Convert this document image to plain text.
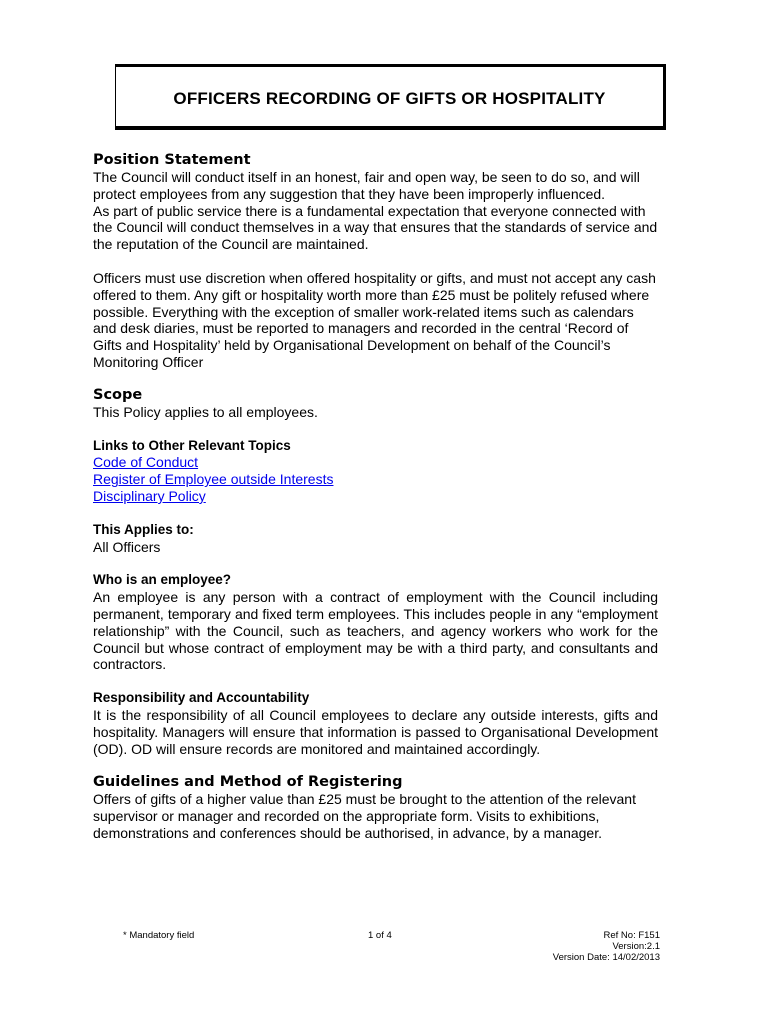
OFFICERS RECORDING OF GIFTS OR HOSPITALITY

Position Statement

The Council will conduct itself in an honest, fair and open way, be seen to do so, and will protect employees from any suggestion that they have been improperly influenced.

As part of public service there is a fundamental expectation that everyone connected with the Council will conduct themselves in a way that ensures that the standards of service and the reputation of the Council are maintained.

Officers must use discretion when offered hospitality or gifts, and must not accept any cash offered to them. Any gift or hospitality worth more than £25 must be politely refused where possible. Everything with the exception of smaller work-related items such as calendars and desk diaries, must be reported to managers and recorded in the central ‘Record of Gifts and Hospitality’ held by Organisational Development on behalf of the Council’s Monitoring Officer

Scope

This Policy applies to all employees.

Links to Other Relevant Topics

Code of Conduct
Register of Employee outside Interests
Disciplinary Policy

This Applies to:

All Officers

Who is an employee?

An employee is any person with a contract of employment with the Council including permanent, temporary and fixed term employees. This includes people in any “employment relationship” with the Council, such as teachers, and agency workers who work for the Council but whose contract of employment may be with a third party, and consultants and contractors.

Responsibility and Accountability

It is the responsibility of all Council employees to declare any outside interests, gifts and hospitality. Managers will ensure that information is passed to Organisational Development (OD). OD will ensure records are monitored and maintained accordingly.

Guidelines and Method of Registering

Offers of gifts of a higher value than £25 must be brought to the attention of the relevant supervisor or manager and recorded on the appropriate form. Visits to exhibitions, demonstrations and conferences should be authorised, in advance, by a manager.

* Mandatory field	1 of 4	Ref No: F151
Version:2.1
Version Date: 14/02/2013
